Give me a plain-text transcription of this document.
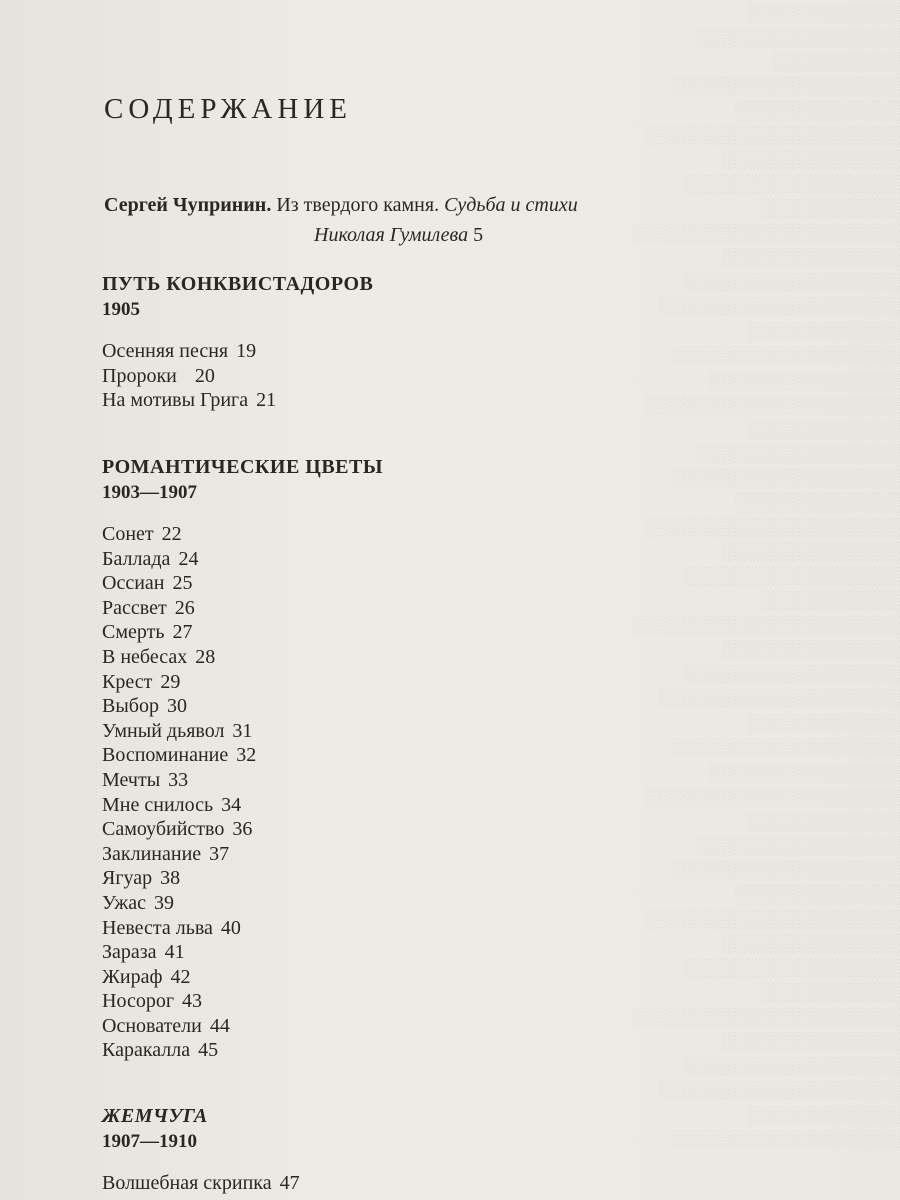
░░░░░░░░░░░░
░░░░░░░░░░░░░░░░
░░░░░░░░░░
░░░░░░░░░░░░░░░░░░
░░░░░░░░░░░░░
░░░░░░░░░░░░░░░░░░░░
░░░░░░░░░░░░░░
░░░░░░░░░░░░░░░░░
░░░░░░░░░░░
░░░░░░░░░░░░░░░░░░░░░
░░░░░░░░░░░░░░
░░░░░░░░░░░░░░░░░
░░░░░░░░░░░░░░░░░░░
░░░░░░░░░░░░
░░░░░░░░░░░░░░░░░░
░░░░░░░░░░░░░░░
░░░░░░░░░░░░░░░░░░░░
░░░░░░░░░░░░
░░░░░░░░░░░░░░░░
░░░░░░░░░░░░░░░░░░
░░░░░░░░░░░░░
░░░░░░░░░░░░░░░░░░░░
░░░░░░░░░░░░░░
░░░░░░░░░░░░░░░░░
░░░░░░░░░░░
░░░░░░░░░░░░░░░░░░░░░
░░░░░░░░░░░░░░
░░░░░░░░░░░░░░░░░
░░░░░░░░░░░░░░░░░░░
░░░░░░░░░░░░
░░░░░░░░░░░░░░░░░░
░░░░░░░░░░░░░░░
░░░░░░░░░░░░░░░░░░░░
░░░░░░░░░░░░
░░░░░░░░░░░░░░░░
░░░░░░░░░░░░░░░░░░
░░░░░░░░░░░░░
░░░░░░░░░░░░░░░░░░░░
░░░░░░░░░░░░░░
░░░░░░░░░░░░░░░░░
░░░░░░░░░░░
░░░░░░░░░░░░░░░░░░░░░
░░░░░░░░░░░░░░
░░░░░░░░░░░░░░░░░
░░░░░░░░░░░░░░░░░░░
░░░░░░░░░░░░
░░░░░░░░░░░░░░░░░░
СОДЕРЖАНИЕ
Сергей Чупринин. Из твердого камня. Судьба и стихи
Николая Гумилева 5
ПУТЬ КОНКВИСТАДОРОВ
1905
Осенняя песня 19
Пророки 20
На мотивы Грига 21
РОМАНТИЧЕСКИЕ ЦВЕТЫ
1903—1907
Сонет 22
Баллада 24
Оссиан 25
Рассвет 26
Смерть 27
В небесах 28
Крест 29
Выбор 30
Умный дьявол 31
Воспоминание 32
Мечты 33
Мне снилось 34
Самоубийство 36
Заклинание 37
Ягуар 38
Ужас 39
Невеста льва 40
Зараза 41
Жираф 42
Носорог 43
Основатели 44
Каракалла 45
ЖЕМЧУГА
1907—1910
Волшебная скрипка 47
